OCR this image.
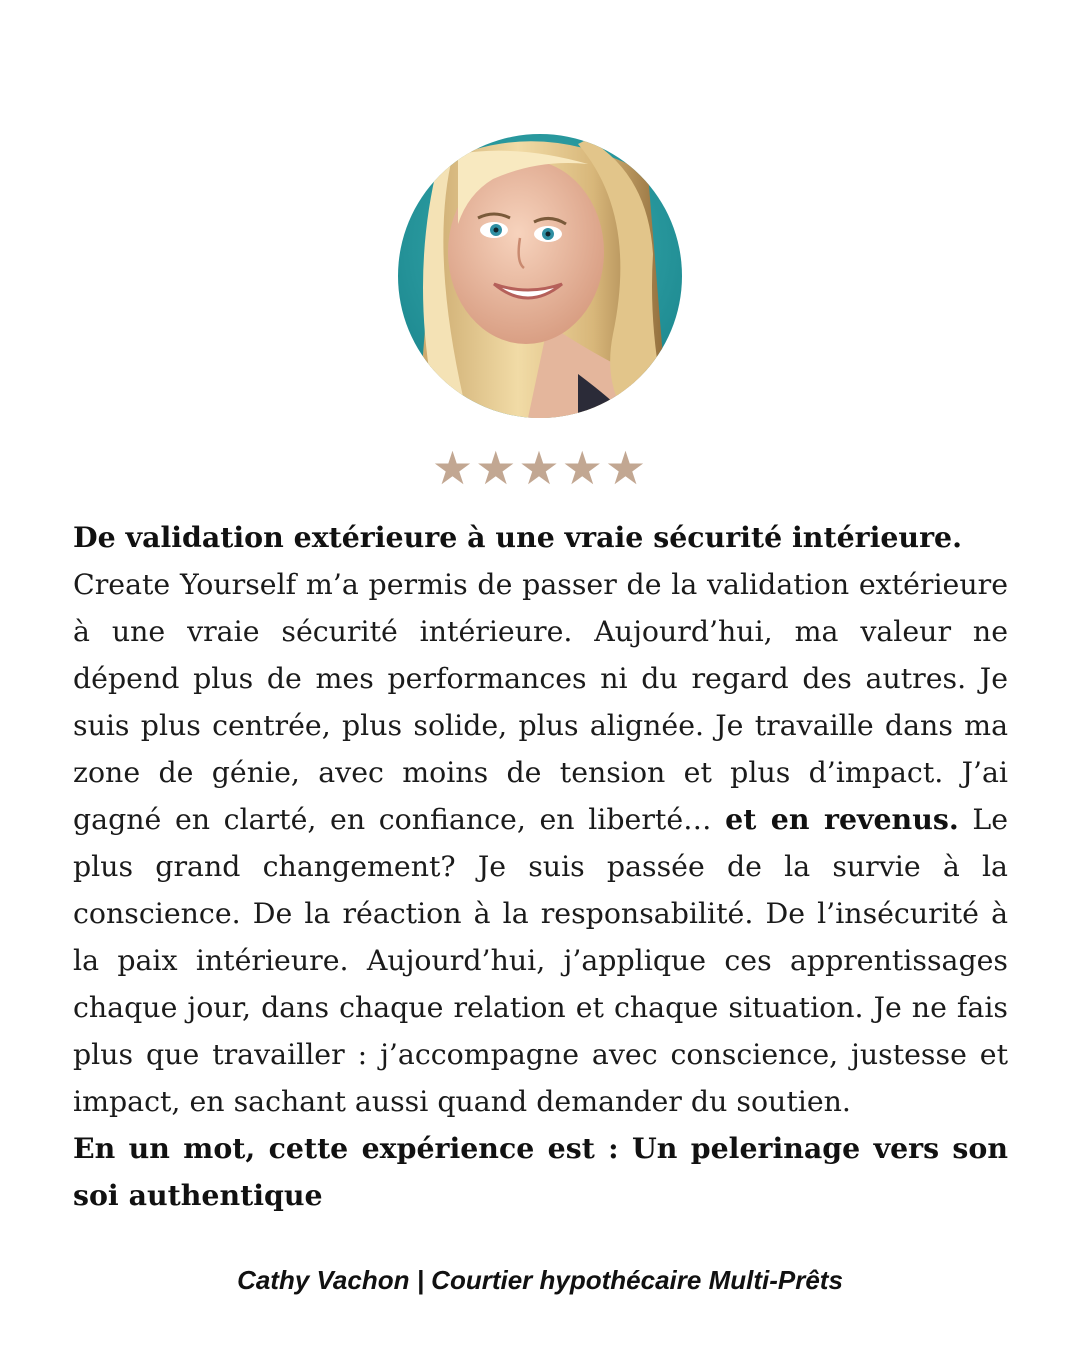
★★★★★

De validation extérieure à une vraie sécurité intérieure.

Create Yourself m’a permis de passer de la validation extérieure à une vraie sécurité intérieure. Aujourd’hui, ma valeur ne dépend plus de mes performances ni du regard des autres. Je suis plus centrée, plus solide, plus alignée. Je travaille dans ma zone de génie, avec moins de tension et plus d’impact. J’ai gagné en clarté, en confiance, en liberté… et en revenus. Le plus grand changement? Je suis passée de la survie à la conscience. De la réaction à la responsabilité. De l’insécurité à la paix intérieure. Aujourd’hui, j’applique ces apprentissages chaque jour, dans chaque relation et chaque situation. Je ne fais plus que travailler : j’accompagne avec conscience, justesse et impact, en sachant aussi quand demander du soutien.

En un mot, cette expérience est : Un pelerinage vers son soi authentique

Cathy Vachon | Courtier hypothécaire Multi-Prêts
